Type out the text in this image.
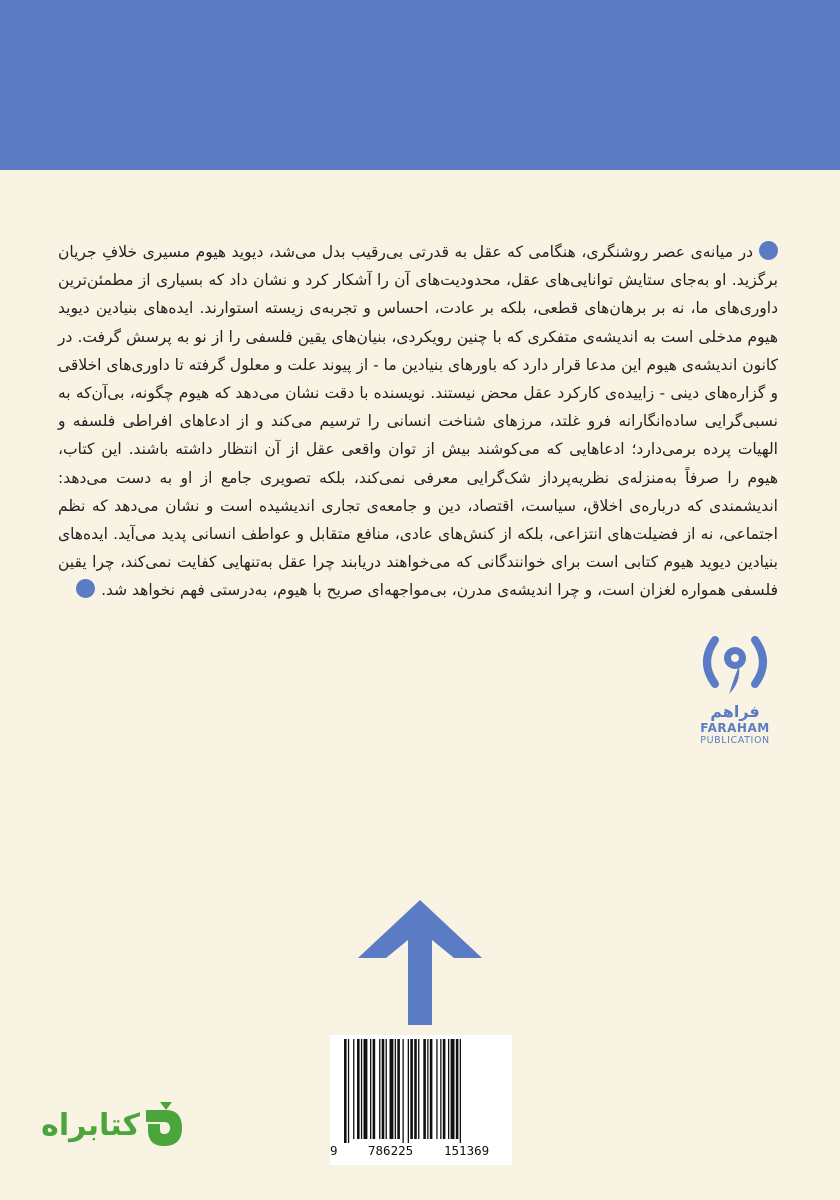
در میانه‌ی عصر روشنگری، هنگامی که عقل به قدرتی بی‌رقیب بدل می‌شد، دیوید هیوم مسیری خلافِ جریان برگزید. او به‌جای ستایش توانایی‌های عقل، محدودیت‌های آن را آشکار کرد و نشان داد که بسیاری از مطمئن‌ترین داوری‌های ما، نه بر برهان‌های قطعی، بلکه بر عادت، احساس و تجربه‌ی زیسته استوارند. ایده‌های بنیادین دیوید هیوم مدخلی است به اندیشه‌ی متفکری که با چنین رویکردی، بنیان‌های یقین فلسفی را از نو به پرسش گرفت. در کانون اندیشه‌ی هیوم این مدعا قرار دارد که باورهای بنیادین ما - از پیوند علت و معلول گرفته تا داوری‌های اخلاقی و گزاره‌های دینی - زاییده‌ی کارکرد عقل محض نیستند. نویسنده با دقت نشان می‌دهد که هیوم چگونه، بی‌آن‌که به نسبی‌گرایی ساده‌انگارانه فرو غلتد، مرزهای شناخت انسانی را ترسیم می‌کند و از ادعاهای افراطی فلسفه و الهیات پرده برمی‌دارد؛ ادعاهایی که می‌کوشند بیش از توان واقعی عقل از آن انتظار داشته باشند. این کتاب، هیوم را صرفاً به‌منزله‌ی نظریه‌پرداز شک‌گرایی معرفی نمی‌کند، بلکه تصویری جامع از او به دست می‌دهد: اندیشمندی که درباره‌ی اخلاق، سیاست، اقتصاد، دین و جامعه‌ی تجاری اندیشیده است و نشان می‌دهد که نظم اجتماعی، نه از فضیلت‌های انتزاعی، بلکه از کنش‌های عادی، منافع متقابل و عواطف انسانی پدید می‌آید. ایده‌های بنیادین دیوید هیوم کتابی است برای خوانندگانی که می‌خواهند دریابند چرا عقل به‌تنهایی کفایت نمی‌کند، چرا یقین فلسفی همواره لغزان است، و چرا اندیشه‌ی مدرن، بی‌مواجهه‌ای صریح با هیوم، به‌درستی فهم نخواهد شد.
فراهم
FARAHAM
PUBLICATION
9 786225 151369
کتابراه
